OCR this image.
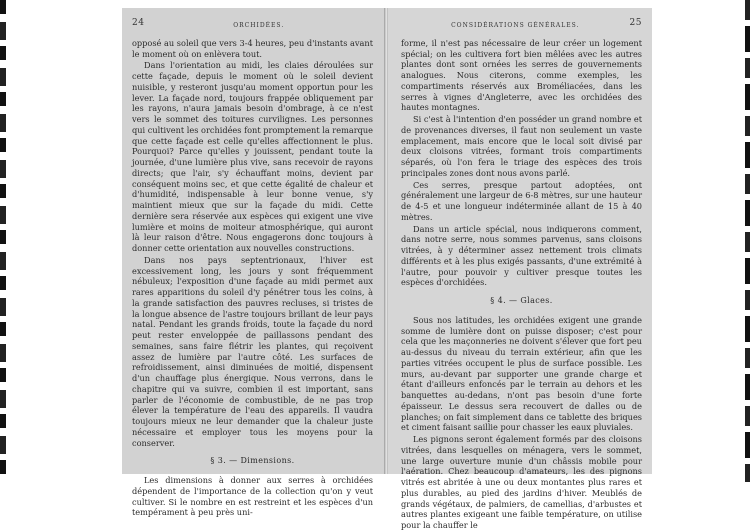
24	ORCHIDÉES.

opposé au soleil que vers 3-4 heures, peu d'instants avant le moment où on enlèvera tout.

Dans l'orientation au midi, les claies déroulées sur cette façade, depuis le moment où le soleil devient nuisible, y resteront jusqu'au moment opportun pour les lever. La façade nord, toujours frappée obliquement par les rayons, n'aura jamais besoin d'ombrage, à ce n'est vers le sommet des toitures curvilignes. Les personnes qui cultivent les orchidées font promptement la remarque que cette façade est celle qu'elles affectionnent le plus. Pourquoi? Parce qu'elles y jouissent, pendant toute la journée, d'une lumière plus vive, sans recevoir de rayons directs; que l'air, s'y échauffant moins, devient par conséquent moins sec, et que cette égalité de chaleur et d'humidité, indispensable à leur bonne venue, s'y maintient mieux que sur la façade du midi. Cette dernière sera réservée aux espèces qui exigent une vive lumière et moins de moiteur atmosphérique, qui auront là leur raison d'être. Nous engagerons donc toujours à donner cette orientation aux nouvelles constructions.

Dans nos pays septentrionaux, l'hiver est excessivement long, les jours y sont fréquemment nébuleux; l'exposition d'une façade au midi permet aux rares apparitions du soleil d'y pénétrer tous les coins, à la grande satisfaction des pauvres recluses, si tristes de la longue absence de l'astre toujours brillant de leur pays natal. Pendant les grands froids, toute la façade du nord peut rester enveloppée de paillassons pendant des semaines, sans faire flétrir les plantes, qui reçoivent assez de lumière par l'autre côté. Les surfaces de refroidissement, ainsi diminuées de moitié, dispensent d'un chauffage plus énergique. Nous verrons, dans le chapitre qui va suivre, combien il est important, sans parler de l'économie de combustible, de ne pas trop élever la température de l'eau des appareils. Il vaudra toujours mieux ne leur demander que la chaleur juste nécessaire et employer tous les moyens pour la conserver.

§ 3. — Dimensions.

Les dimensions à donner aux serres à orchidées dépendent de l'importance de la collection qu'on y veut cultiver. Si le nombre en est restreint et les espèces d'un tempérament à peu près uni-

CONSIDÉRATIONS GÉNÉRALES.	25

forme, il n'est pas nécessaire de leur créer un logement spécial; on les cultivera fort bien mêlées avec les autres plantes dont sont ornées les serres de gouvernements analogues. Nous citerons, comme exemples, les compartiments réservés aux Broméliacées, dans les serres à vignes d'Angleterre, avec les orchidées des hautes montagnes.

Si c'est à l'intention d'en posséder un grand nombre et de provenances diverses, il faut non seulement un vaste emplacement, mais encore que le local soit divisé par deux cloisons vitrées, formant trois compartiments séparés, où l'on fera le triage des espèces des trois principales zones dont nous avons parlé.

Ces serres, presque partout adoptées, ont généralement une largeur de 6-8 mètres, sur une hauteur de 4-5 et une longueur indéterminée allant de 15 à 40 mètres.

Dans un article spécial, nous indiquerons comment, dans notre serre, nous sommes parvenus, sans cloisons vitrées, à y déterminer assez nettement trois climats différents et à les plus exigés passants, d'une extrémité à l'autre, pour pouvoir y cultiver presque toutes les espèces d'orchidées.

§ 4. — Glaces.

Sous nos latitudes, les orchidées exigent une grande somme de lumière dont on puisse disposer; c'est pour cela que les maçonneries ne doivent s'élever que fort peu au-dessus du niveau du terrain extérieur, afin que les parties vitrées occupent le plus de surface possible. Les murs, au-devant par supporter une grande charge et étant d'ailleurs enfoncés par le terrain au dehors et les banquettes au-dedans, n'ont pas besoin d'une forte épaisseur. Le dessus sera recouvert de dalles ou de planches; on fait simplement dans ce tablette des briques et ciment faisant saillie pour chasser les eaux pluviales.

Les pignons seront également formés par des cloisons vitrées, dans lesquelles on ménagera, vers le sommet, une large ouverture munie d'un châssis mobile pour l'aération. Chez beaucoup d'amateurs, les des pignons vitrés est abritée à une ou deux montantes plus rares et plus durables, au pied des jardins d'hiver. Meublés de grands végétaux, de palmiers, de camellias, d'arbustes et autres plantes exigeant une faible température, on utilise pour la chauffer le
